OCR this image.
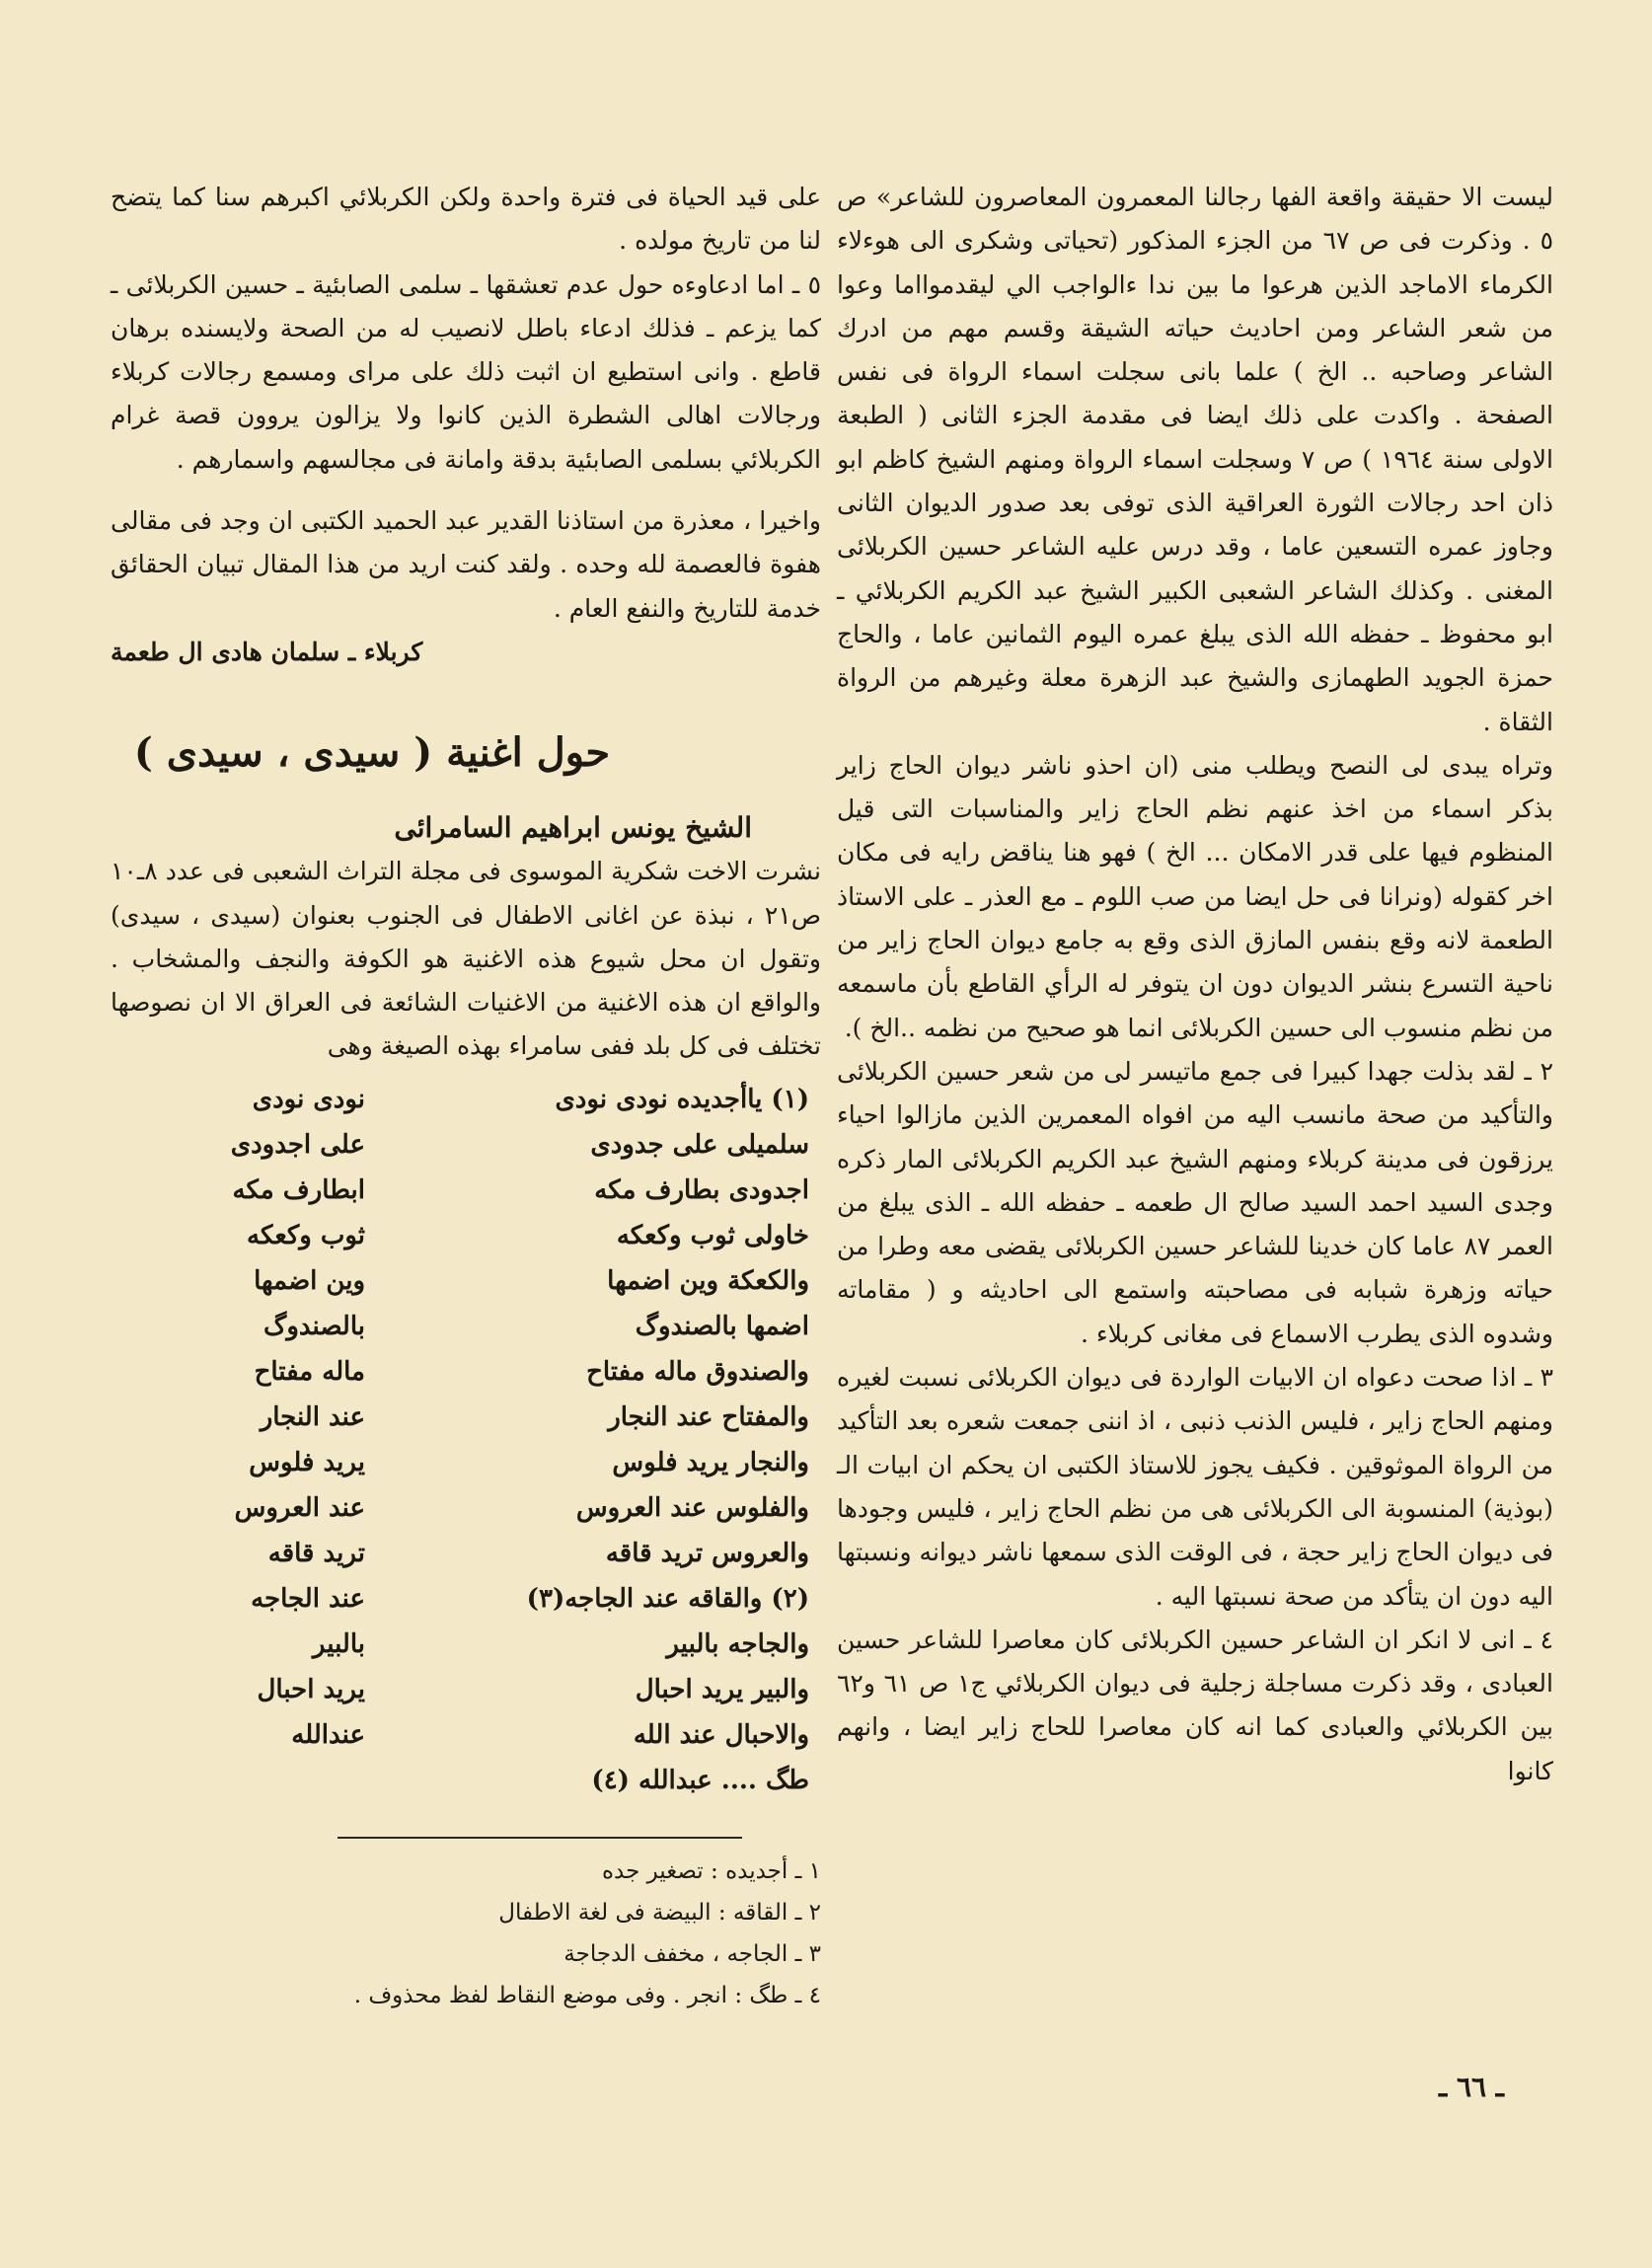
ليست الا حقيقة واقعة الفها رجالنا المعمرون المعاصرون للشاعر» ص ٥ . وذكرت فى ص ٦٧ من الجزء المذكور (تحياتى وشكرى الى هوءلاء الكرماء الاماجد الذين هرعوا ما بين ندا ءالواجب الي ليقدموااما وعوا من شعر الشاعر ومن احاديث حياته الشيقة وقسم مهم من ادرك الشاعر وصاحبه .. الخ ) علما بانى سجلت اسماء الرواة فى نفس الصفحة . واكدت على ذلك ايضا فى مقدمة الجزء الثانى ( الطبعة الاولى سنة ١٩٦٤ ) ص ٧ وسجلت اسماء الرواة ومنهم الشيخ كاظم ابو ذان احد رجالات الثورة العراقية الذى توفى بعد صدور الديوان الثانى وجاوز عمره التسعين عاما ، وقد درس عليه الشاعر حسين الكربلائى المغنى . وكذلك الشاعر الشعبى الكبير الشيخ عبد الكريم الكربلائي ـ ابو محفوظ ـ حفظه الله الذى يبلغ عمره اليوم الثمانين عاما ، والحاج حمزة الجويد الطهمازى والشيخ عبد الزهرة معلة وغيرهم من الرواة الثقاة .

وتراه يبدى لى النصح ويطلب منى (ان احذو ناشر ديوان الحاج زاير بذكر اسماء من اخذ عنهم نظم الحاج زاير والمناسبات التى قيل المنظوم فيها على قدر الامكان ... الخ ) فهو هنا يناقض رايه فى مكان اخر كقوله (ونرانا فى حل ايضا من صب اللوم ـ مع العذر ـ على الاستاذ الطعمة لانه وقع بنفس المازق الذى وقع به جامع ديوان الحاج زاير من ناحية التسرع بنشر الديوان دون ان يتوفر له الرأي القاطع بأن ماسمعه من نظم منسوب الى حسين الكربلائى انما هو صحيح من نظمه ..الخ ).

٢ ـ لقد بذلت جهدا كبيرا فى جمع ماتيسر لى من شعر حسين الكربلائى والتأكيد من صحة مانسب اليه من افواه المعمرين الذين مازالوا احياء يرزقون فى مدينة كربلاء ومنهم الشيخ عبد الكريم الكربلائى المار ذكره وجدى السيد احمد السيد صالح ال طعمه ـ حفظه الله ـ الذى يبلغ من العمر ٨٧ عاما كان خدينا للشاعر حسين الكربلائى يقضى معه وطرا من حياته وزهرة شبابه فى مصاحبته واستمع الى احاديثه و ( مقاماته وشدوه الذى يطرب الاسماع فى مغانى كربلاء .

٣ ـ اذا صحت دعواه ان الابيات الواردة فى ديوان الكربلائى نسبت لغيره ومنهم الحاج زاير ، فليس الذنب ذنبى ، اذ اننى جمعت شعره بعد التأكيد من الرواة الموثوقين . فكيف يجوز للاستاذ الكتبى ان يحكم ان ابيات الـ (بوذية) المنسوبة الى الكربلائى هى من نظم الحاج زاير ، فليس وجودها فى ديوان الحاج زاير حجة ، فى الوقت الذى سمعها ناشر ديوانه ونسبتها اليه دون ان يتأكد من صحة نسبتها اليه .

٤ ـ انى لا انكر ان الشاعر حسين الكربلائى كان معاصرا للشاعر حسين العبادى ، وقد ذكرت مساجلة زجلية فى ديوان الكربلائي ج١ ص ٦١ و٦٢ بين الكربلائي والعبادى كما انه كان معاصرا للحاج زاير ايضا ، وانهم كانوا

على قيد الحياة فى فترة واحدة ولكن الكربلائي اكبرهم سنا كما يتضح لنا من تاريخ مولده .

٥ ـ اما ادعاوءه حول عدم تعشقها ـ سلمى الصابئية ـ حسين الكربلائى ـ كما يزعم ـ فذلك ادعاء باطل لانصيب له من الصحة ولايسنده برهان قاطع . وانى استطيع ان اثبت ذلك على مراى ومسمع رجالات كربلاء ورجالات اهالى الشطرة الذين كانوا ولا يزالون يروون قصة غرام الكربلائي بسلمى الصابئية بدقة وامانة فى مجالسهم واسمارهم .

واخيرا ، معذرة من استاذنا القدير عبد الحميد الكتبى ان وجد فى مقالى هفوة فالعصمة لله وحده . ولقد كنت اريد من هذا المقال تبيان الحقائق خدمة للتاريخ والنفع العام .

كربلاء ـ سلمان هادى ال طعمة

حول اغنية ( سيدى ، سيدى )

الشيخ يونس ابراهيم السامرائى

نشرت الاخت شكرية الموسوى فى مجلة التراث الشعبى فى عدد ٨ـ١٠ ص٢١ ، نبذة عن اغانى الاطفال فى الجنوب بعنوان (سيدى ، سيدى) وتقول ان محل شيوع هذه الاغنية هو الكوفة والنجف والمشخاب . والواقع ان هذه الاغنية من الاغنيات الشائعة فى العراق الا ان نصوصها تختلف فى كل بلد ففى سامراء بهذه الصيغة وهى

(١) ياأجديده نودى نودى
نودى نودى
سلميلى على جدودى
على اجدودى
اجدودى بطارف مكه
ابطارف مكه
خاولى ثوب وكعكه
ثوب وكعكه
والكعكة وين اضمها
وين اضمها
اضمها بالصندوگ
بالصندوگ
والصندوق ماله مفتاح
ماله مفتاح
والمفتاح عند النجار
عند النجار
والنجار يريد فلوس
يريد فلوس
والفلوس عند العروس
عند العروس
والعروس تريد قاقه
تريد قاقه
(٢) والقاقه عند الجاجه(٣)
عند الجاجه
والجاجه بالبير
بالبير
والبير يريد احبال
يريد احبال
والاحبال عند الله
عندالله
طگ .... عبدالله (٤)

١ ـ أجديده : تصغير جده

٢ ـ القاقه : البيضة فى لغة الاطفال

٣ ـ الجاجه ، مخفف الدجاجة

٤ ـ طگ : انجر . وفى موضع النقاط لفظ محذوف .

ـ ٦٦ ـ
